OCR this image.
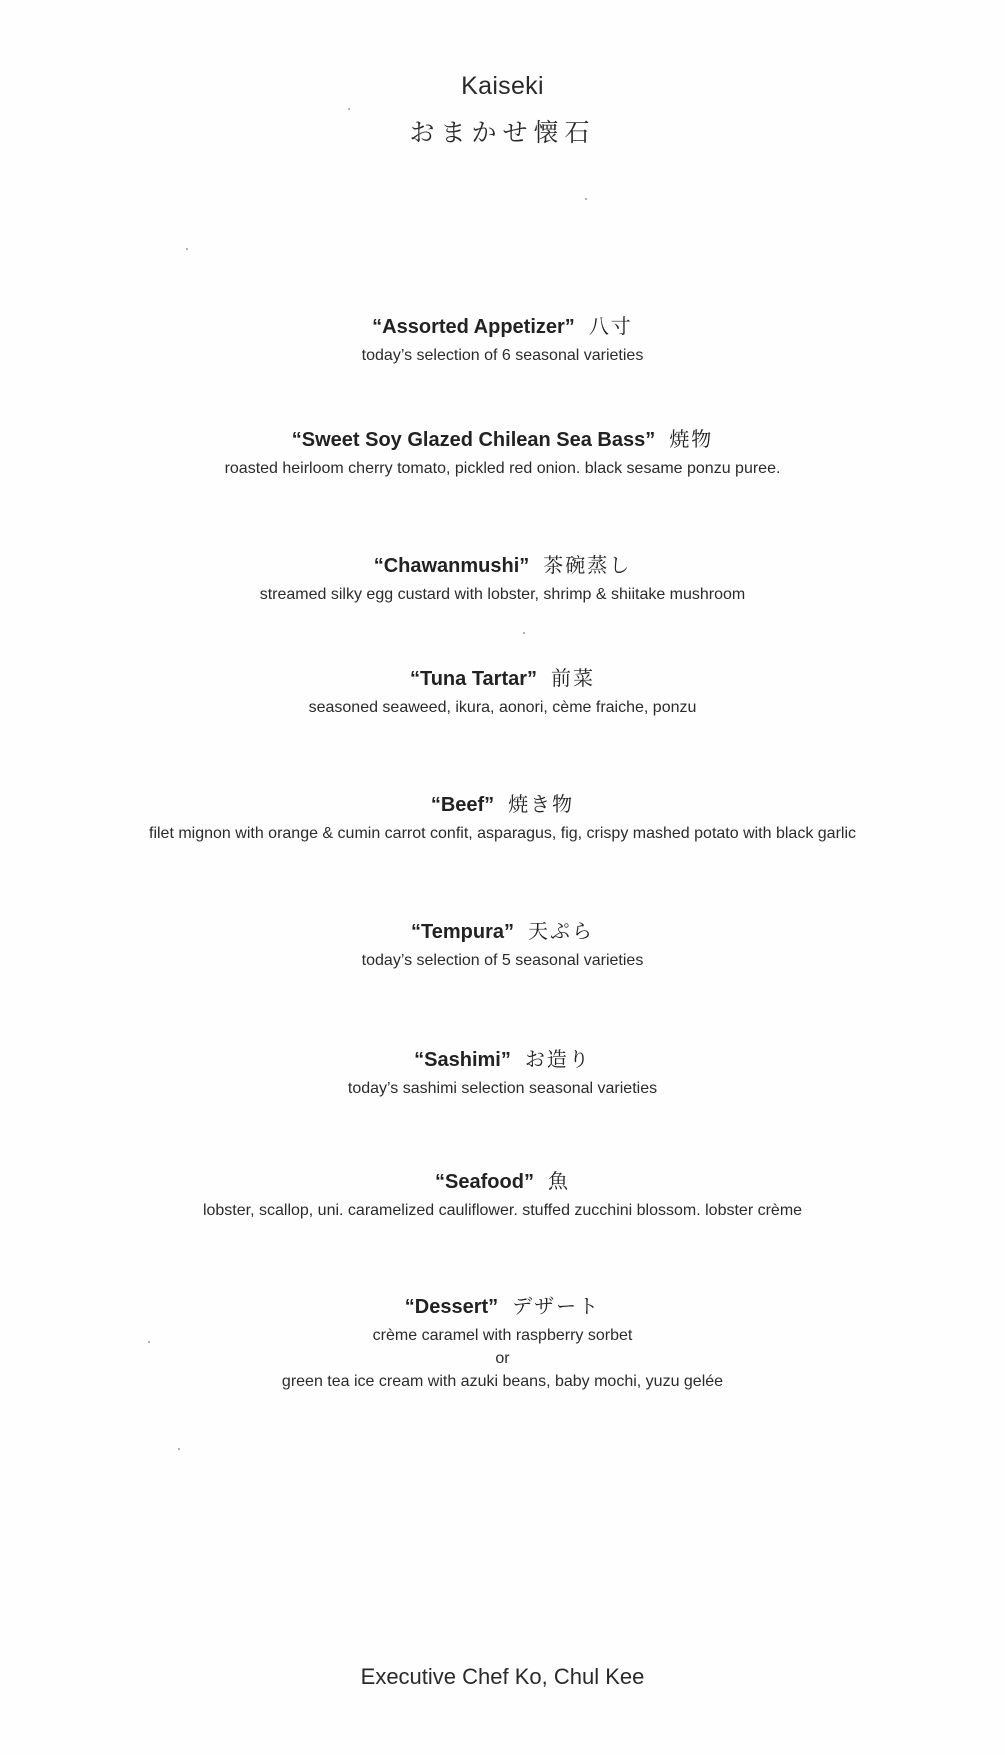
Kaiseki
おまかせ懐石
“Assorted Appetizer” 八寸
today’s selection of 6 seasonal varieties
“Sweet Soy Glazed Chilean Sea Bass” 焼物
roasted heirloom cherry tomato, pickled red onion. black sesame ponzu puree.
“Chawanmushi” 茶碗蒸し
streamed silky egg custard with lobster, shrimp & shiitake mushroom
“Tuna Tartar” 前菜
seasoned seaweed, ikura, aonori, cème fraiche, ponzu
“Beef” 焼き物
filet mignon with orange & cumin carrot confit, asparagus, fig, crispy mashed potato with black garlic
“Tempura” 天ぷら
today’s selection of 5 seasonal varieties
“Sashimi” お造り
today’s sashimi selection seasonal varieties
“Seafood” 魚
lobster, scallop, uni. caramelized cauliflower. stuffed zucchini blossom. lobster crème
“Dessert” デザート
crème caramel with raspberry sorbet
or
green tea ice cream with azuki beans, baby mochi, yuzu gelée
Executive Chef Ko, Chul Kee
